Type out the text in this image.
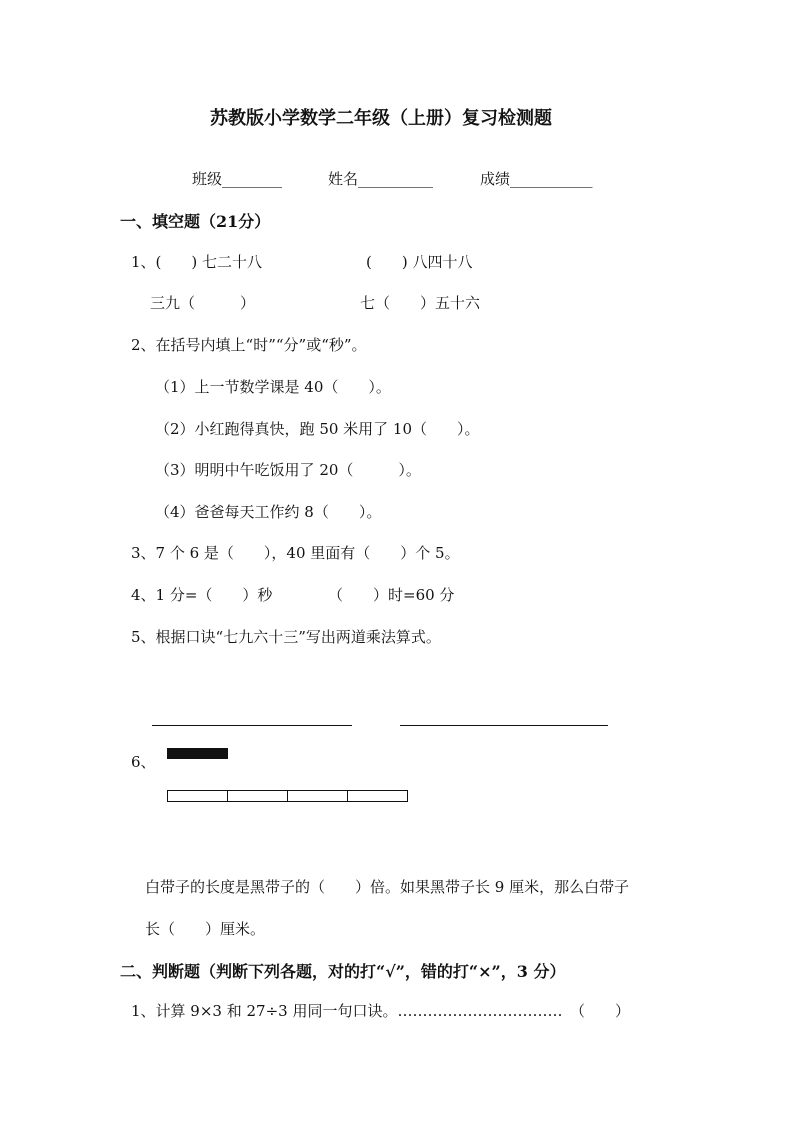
苏教版小学数学二年级（上册）复习检测题
班级________	姓名__________	成绩___________
一、填空题（21分）
1、(　　) 七二十八	(　　) 八四十八
三九（　　　）	七（　　）五十六
2、在括号内填上“时”“分”或“秒”。
（1）上一节数学课是 40（　　）。
（2）小红跑得真快，跑 50 米用了 10（　　）。
（3）明明中午吃饭用了 20（　　　）。
（4）爸爸每天工作约 8（　　）。
3、7 个 6 是（　　），40 里面有（　　）个 5。
4、1 分=（　　）秒	（　　）时=60 分
5、根据口诀“七九六十三”写出两道乘法算式。
6、
白带子的长度是黑带子的（　　）倍。如果黑带子长 9 厘米，那么白带子
长（　　）厘米。
二、判断题（判断下列各题，对的打“√”，错的打“×”，3 分）
1、计算 9×3 和 27÷3 用同一句口诀。……………………………　（　　）
